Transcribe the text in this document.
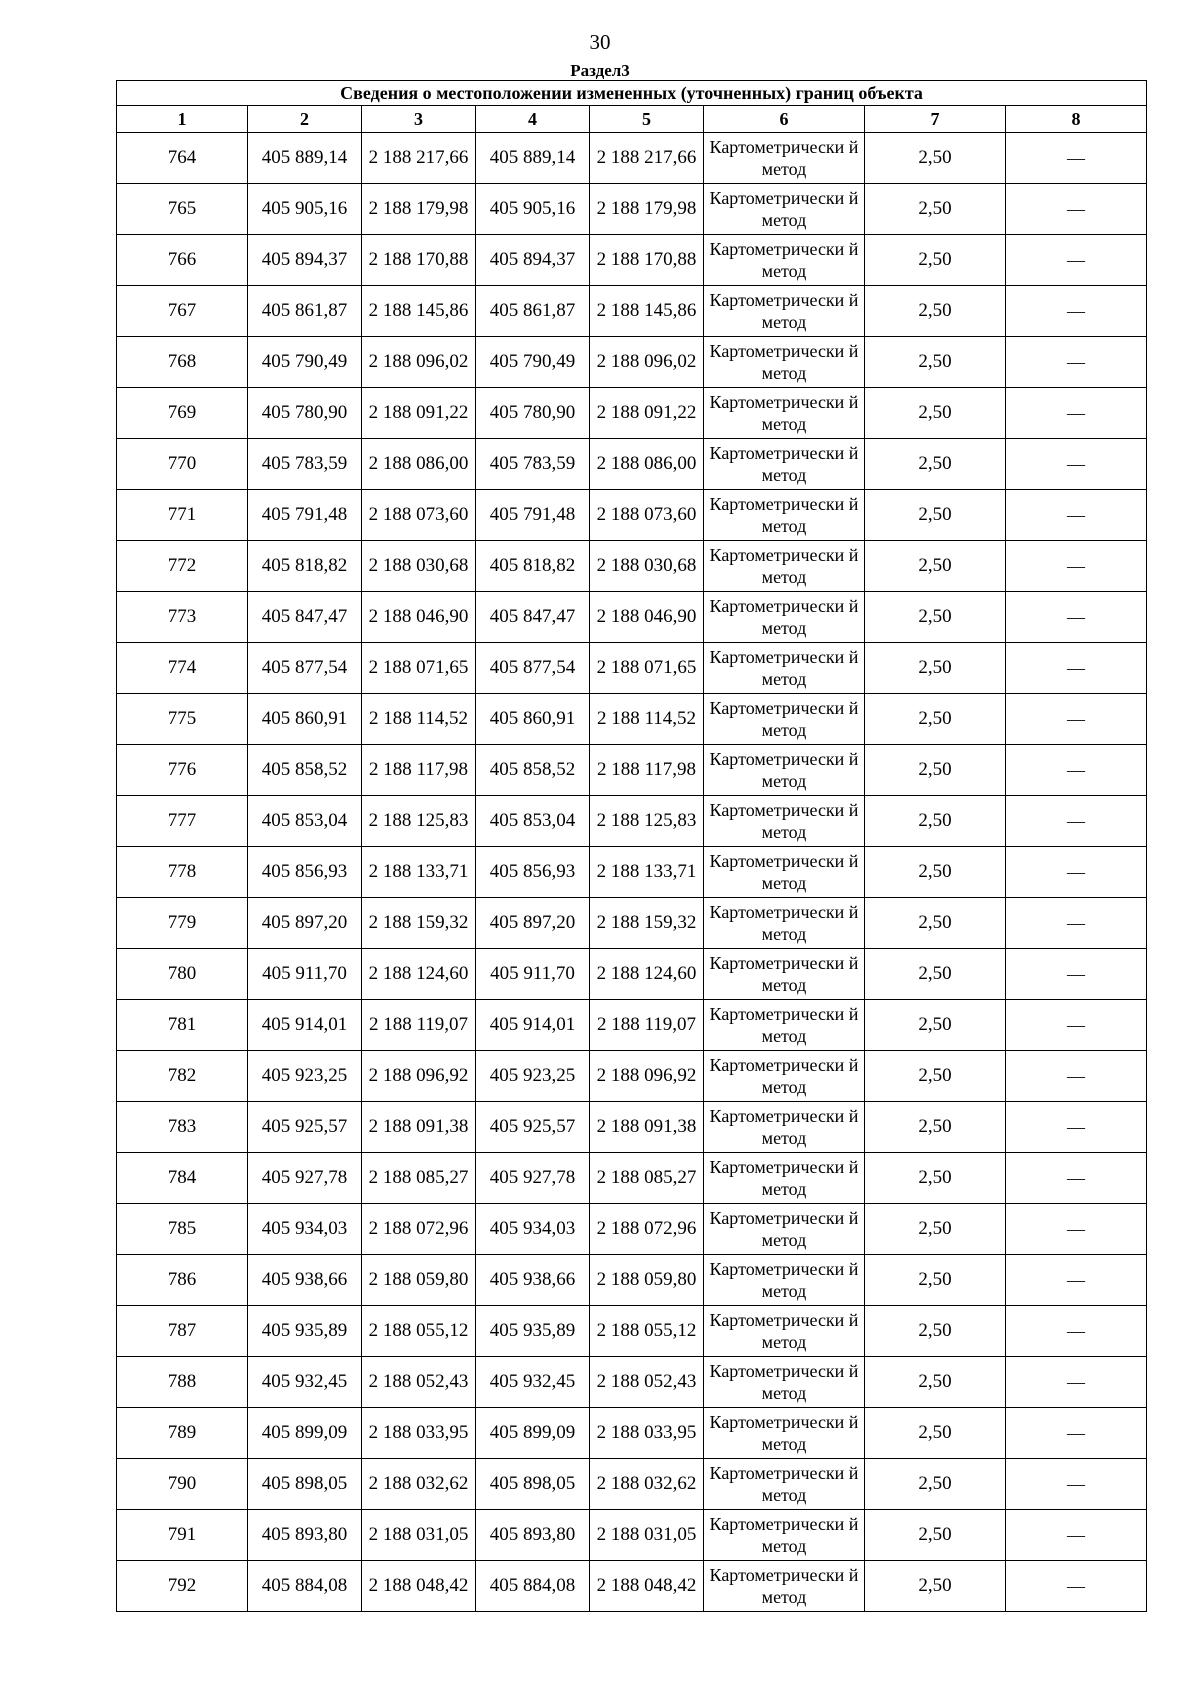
30
Раздел3
Сведения о местоположении измененных (уточненных) границ объекта							
1	2	3	4	5	6	7	8
764	405 889,14	2 188 217,66	405 889,14	2 188 217,66	Картометрически й метод	2,50	—
765	405 905,16	2 188 179,98	405 905,16	2 188 179,98	Картометрически й метод	2,50	—
766	405 894,37	2 188 170,88	405 894,37	2 188 170,88	Картометрически й метод	2,50	—
767	405 861,87	2 188 145,86	405 861,87	2 188 145,86	Картометрически й метод	2,50	—
768	405 790,49	2 188 096,02	405 790,49	2 188 096,02	Картометрически й метод	2,50	—
769	405 780,90	2 188 091,22	405 780,90	2 188 091,22	Картометрически й метод	2,50	—
770	405 783,59	2 188 086,00	405 783,59	2 188 086,00	Картометрически й метод	2,50	—
771	405 791,48	2 188 073,60	405 791,48	2 188 073,60	Картометрически й метод	2,50	—
772	405 818,82	2 188 030,68	405 818,82	2 188 030,68	Картометрически й метод	2,50	—
773	405 847,47	2 188 046,90	405 847,47	2 188 046,90	Картометрически й метод	2,50	—
774	405 877,54	2 188 071,65	405 877,54	2 188 071,65	Картометрически й метод	2,50	—
775	405 860,91	2 188 114,52	405 860,91	2 188 114,52	Картометрически й метод	2,50	—
776	405 858,52	2 188 117,98	405 858,52	2 188 117,98	Картометрически й метод	2,50	—
777	405 853,04	2 188 125,83	405 853,04	2 188 125,83	Картометрически й метод	2,50	—
778	405 856,93	2 188 133,71	405 856,93	2 188 133,71	Картометрически й метод	2,50	—
779	405 897,20	2 188 159,32	405 897,20	2 188 159,32	Картометрически й метод	2,50	—
780	405 911,70	2 188 124,60	405 911,70	2 188 124,60	Картометрически й метод	2,50	—
781	405 914,01	2 188 119,07	405 914,01	2 188 119,07	Картометрически й метод	2,50	—
782	405 923,25	2 188 096,92	405 923,25	2 188 096,92	Картометрически й метод	2,50	—
783	405 925,57	2 188 091,38	405 925,57	2 188 091,38	Картометрически й метод	2,50	—
784	405 927,78	2 188 085,27	405 927,78	2 188 085,27	Картометрически й метод	2,50	—
785	405 934,03	2 188 072,96	405 934,03	2 188 072,96	Картометрически й метод	2,50	—
786	405 938,66	2 188 059,80	405 938,66	2 188 059,80	Картометрически й метод	2,50	—
787	405 935,89	2 188 055,12	405 935,89	2 188 055,12	Картометрически й метод	2,50	—
788	405 932,45	2 188 052,43	405 932,45	2 188 052,43	Картометрически й метод	2,50	—
789	405 899,09	2 188 033,95	405 899,09	2 188 033,95	Картометрически й метод	2,50	—
790	405 898,05	2 188 032,62	405 898,05	2 188 032,62	Картометрически й метод	2,50	—
791	405 893,80	2 188 031,05	405 893,80	2 188 031,05	Картометрически й метод	2,50	—
792	405 884,08	2 188 048,42	405 884,08	2 188 048,42	Картометрически й метод	2,50	—
